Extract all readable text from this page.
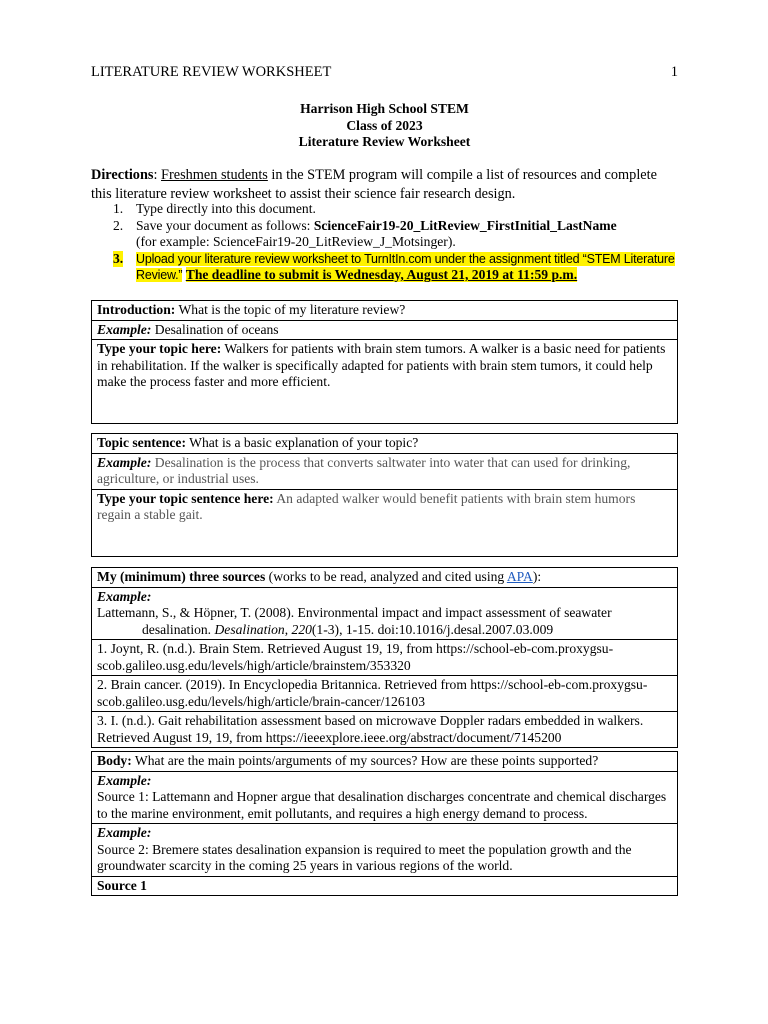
LITERATURE REVIEW WORKSHEET	1
Harrison High School STEM
Class of 2023
Literature Review Worksheet
Directions: Freshmen students in the STEM program will compile a list of resources and complete this literature review worksheet to assist their science fair research design.
1. Type directly into this document.
2. Save your document as follows: ScienceFair19-20_LitReview_FirstInitial_LastName
(for example: ScienceFair19-20_LitReview_J_Motsinger).
3. Upload your literature review worksheet to TurnItIn.com under the assignment titled “STEM Literature Review.” The deadline to submit is Wednesday, August 21, 2019 at 11:59 p.m.
Introduction: What is the topic of my literature review?
Example: Desalination of oceans
Type your topic here: Walkers for patients with brain stem tumors. A walker is a basic need for patients in rehabilitation. If the walker is specifically adapted for patients with brain stem tumors, it could help make the process faster and more efficient.
Topic sentence: What is a basic explanation of your topic?
Example: Desalination is the process that converts saltwater into water that can used for drinking, agriculture, or industrial uses.
Type your topic sentence here: An adapted walker would benefit patients with brain stem humors regain a stable gait.
My (minimum) three sources (works to be read, analyzed and cited using APA):
Example:

Lattemann, S., & Höpner, T. (2008). Environmental impact and impact assessment of seawater desalination. Desalination, 220(1-3), 1-15. doi:10.1016/j.desal.2007.03.009

1. Joynt, R. (n.d.). Brain Stem. Retrieved August 19, 19, from https://school-eb-com.proxygsu-scob.galileo.usg.edu/levels/high/article/brainstem/353320
2. Brain cancer. (2019). In Encyclopedia Britannica. Retrieved from https://school-eb-com.proxygsu-scob.galileo.usg.edu/levels/high/article/brain-cancer/126103
3. I. (n.d.). Gait rehabilitation assessment based on microwave Doppler radars embedded in walkers. Retrieved August 19, 19, from https://ieeexplore.ieee.org/abstract/document/7145200
Body: What are the main points/arguments of my sources? How are these points supported?
Example:
Source 1: Lattemann and Hopner argue that desalination discharges concentrate and chemical discharges to the marine environment, emit pollutants, and requires a high energy demand to process.
Example:
Source 2: Bremere states desalination expansion is required to meet the population growth and the groundwater scarcity in the coming 25 years in various regions of the world.
Source 1
